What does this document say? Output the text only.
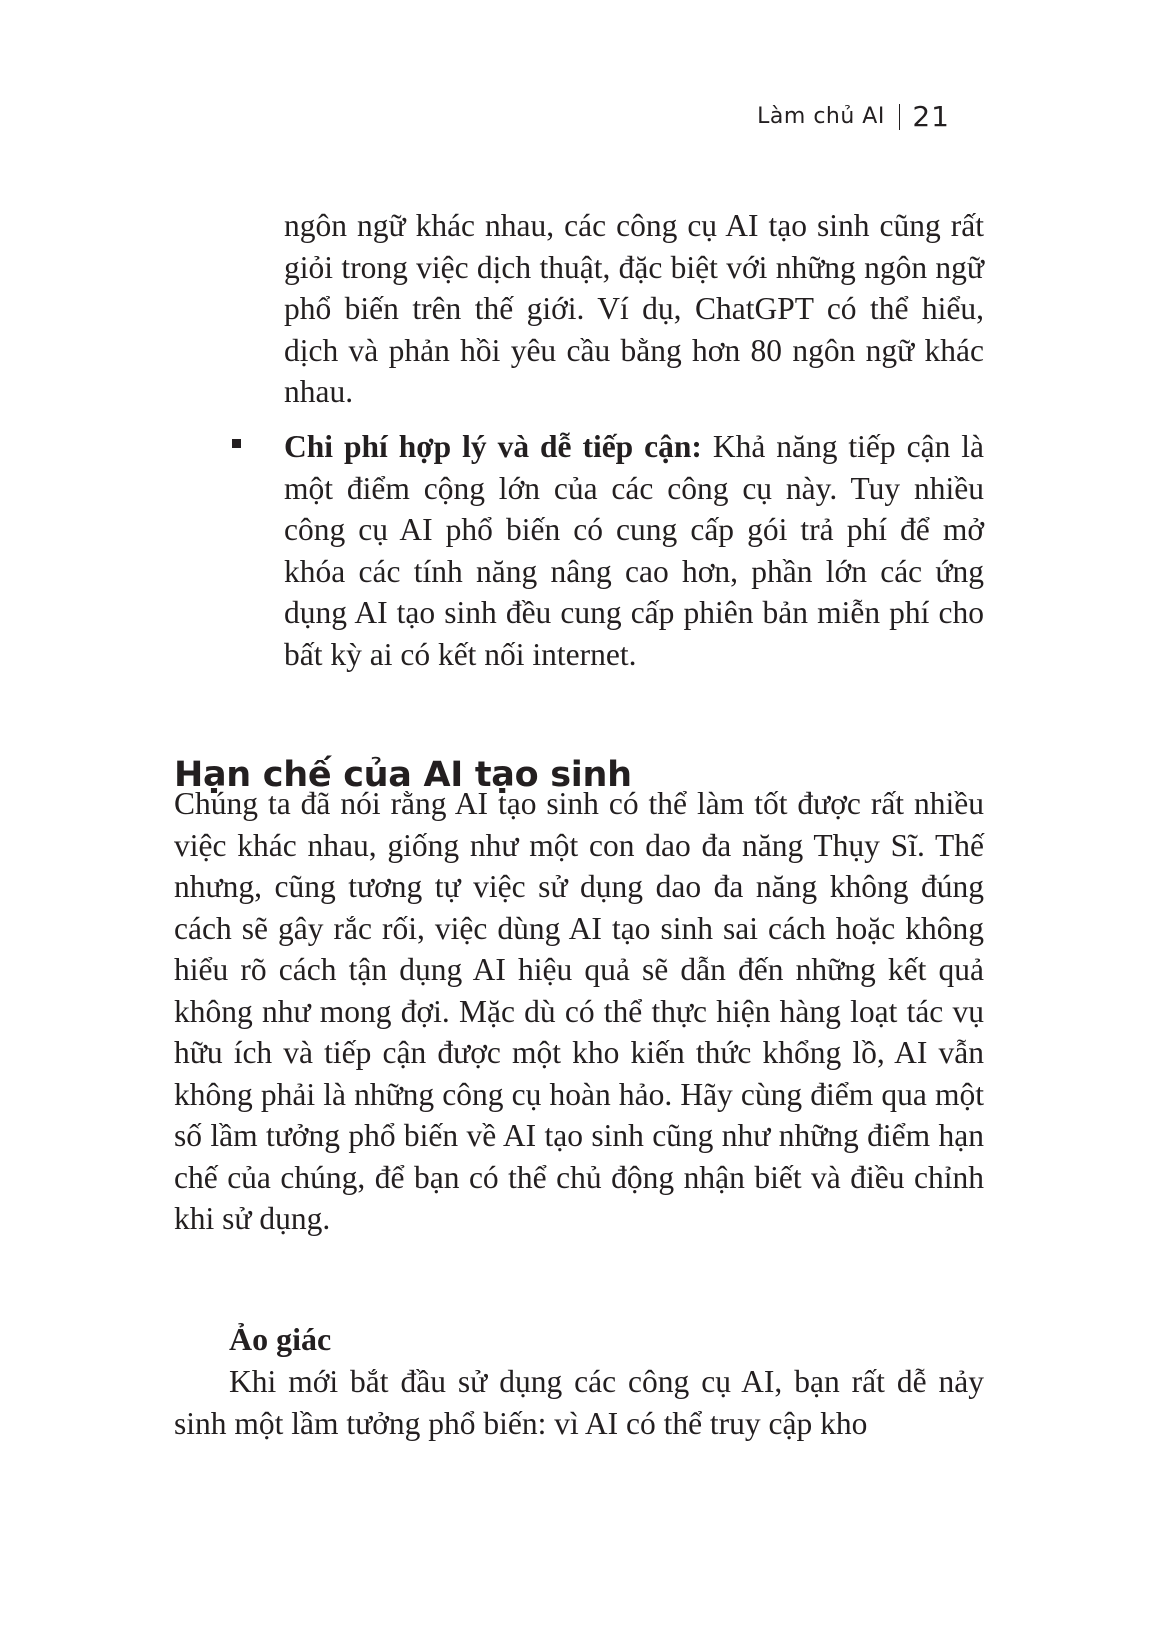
Làm chủ AI 21

ngôn ngữ khác nhau, các công cụ AI tạo sinh cũng rất giỏi trong việc dịch thuật, đặc biệt với những ngôn ngữ phổ biến trên thế giới. Ví dụ, ChatGPT có thể hiểu, dịch và phản hồi yêu cầu bằng hơn 80 ngôn ngữ khác nhau.

Chi phí hợp lý và dễ tiếp cận: Khả năng tiếp cận là một điểm cộng lớn của các công cụ này. Tuy nhiều công cụ AI phổ biến có cung cấp gói trả phí để mở khóa các tính năng nâng cao hơn, phần lớn các ứng dụng AI tạo sinh đều cung cấp phiên bản miễn phí cho bất kỳ ai có kết nối internet.

Hạn chế của AI tạo sinh

Chúng ta đã nói rằng AI tạo sinh có thể làm tốt được rất nhiều việc khác nhau, giống như một con dao đa năng Thụy Sĩ. Thế nhưng, cũng tương tự việc sử dụng dao đa năng không đúng cách sẽ gây rắc rối, việc dùng AI tạo sinh sai cách hoặc không hiểu rõ cách tận dụng AI hiệu quả sẽ dẫn đến những kết quả không như mong đợi. Mặc dù có thể thực hiện hàng loạt tác vụ hữu ích và tiếp cận được một kho kiến thức khổng lồ, AI vẫn không phải là những công cụ hoàn hảo. Hãy cùng điểm qua một số lầm tưởng phổ biến về AI tạo sinh cũng như những điểm hạn chế của chúng, để bạn có thể chủ động nhận biết và điều chỉnh khi sử dụng.

Ảo giác

Khi mới bắt đầu sử dụng các công cụ AI, bạn rất dễ nảy sinh một lầm tưởng phổ biến: vì AI có thể truy cập kho
